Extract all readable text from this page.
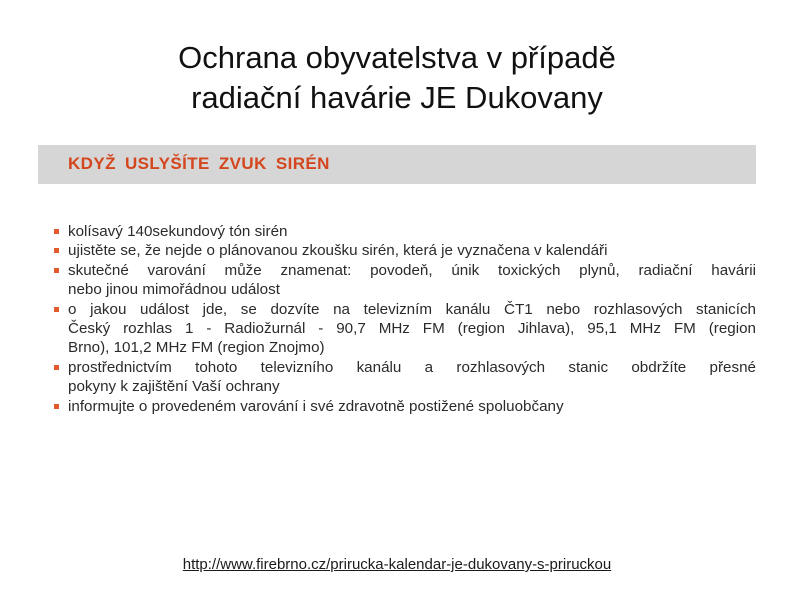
Ochrana obyvatelstva v případě
radiační havárie JE Dukovany
KDYŽ USLYŠÍTE ZVUK SIRÉN
kolísavý 140sekundový tón sirén
ujistěte se, že nejde o plánovanou zkoušku sirén, která je vyznačena v kalendáři
skutečné varování může znamenat: povodeň, únik toxických plynů, radiační havárii
nebo jinou mimořádnou událost
o jakou událost jde, se dozvíte na televizním kanálu ČT1 nebo rozhlasových stanicích
Český rozhlas 1 - Radiožurnál - 90,7 MHz FM (region Jihlava), 95,1 MHz FM (region
Brno), 101,2 MHz FM (region Znojmo)
prostřednictvím tohoto televizního kanálu a rozhlasových stanic obdržíte přesné
pokyny k zajištění Vaší ochrany
informujte o provedeném varování i své zdravotně postižené spoluobčany
http://www.firebrno.cz/prirucka-kalendar-je-dukovany-s-priruckou
